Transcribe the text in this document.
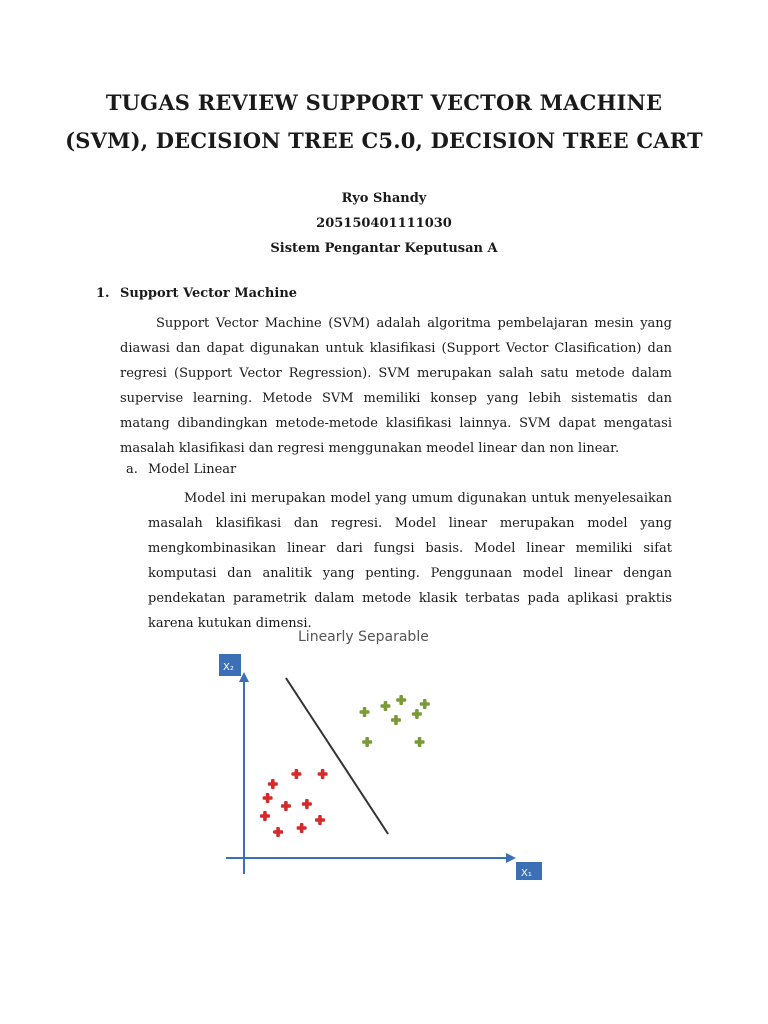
TUGAS REVIEW SUPPORT VECTOR MACHINE
(SVM), DECISION TREE C5.0, DECISION TREE CART
Ryo Shandy
205150401111030
Sistem Pengantar Keputusan A
1. Support Vector Machine
Support Vector Machine (SVM) adalah algoritma pembelajaran mesin yang diawasi dan dapat digunakan untuk klasifikasi (Support Vector Clasification) dan regresi (Support Vector Regression). SVM merupakan salah satu metode dalam supervise learning. Metode SVM memiliki konsep yang lebih sistematis dan matang dibandingkan metode-metode klasifikasi lainnya. SVM dapat mengatasi masalah klasifikasi dan regresi menggunakan meodel linear dan non linear.
a. Model Linear
Model ini merupakan model yang umum digunakan untuk menyelesaikan masalah klasifikasi dan regresi. Model linear merupakan model yang mengkombinasikan linear dari fungsi basis. Model linear memiliki sifat komputasi dan analitik yang penting. Penggunaan model linear dengan pendekatan parametrik dalam metode klasik terbatas pada aplikasi praktis karena kutukan dimensi.
Linearly Separable
X₂
X₁
